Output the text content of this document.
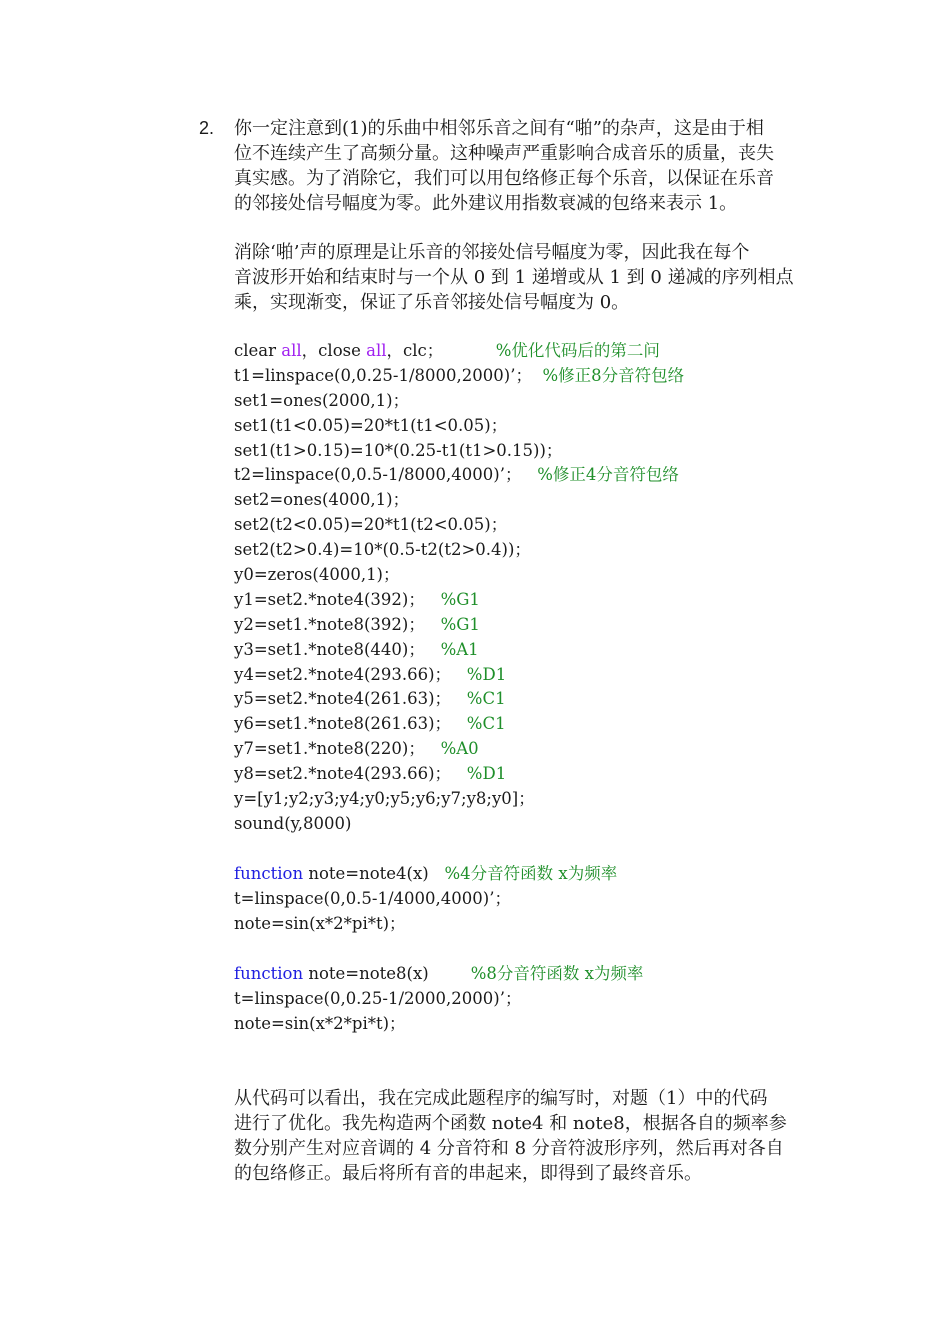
2. 你一定注意到(1)的乐曲中相邻乐音之间有“啪”的杂声，这是由于相
位不连续产生了高频分量。这种噪声严重影响合成音乐的质量，丧失
真实感。为了消除它，我们可以用包络修正每个乐音，以保证在乐音
的邻接处信号幅度为零。此外建议用指数衰减的包络来表示 1。
消除‘啪’声的原理是让乐音的邻接处信号幅度为零，因此我在每个
音波形开始和结束时与一个从 0 到 1 递增或从 1 到 0 递减的序列相点
乘，实现渐变，保证了乐音邻接处信号幅度为 0。
clear all，close all，clc；          %优化代码后的第二问
t1=linspace(0,0.25-1/8000,2000)’；  %修正8分音符包络
set1=ones(2000,1)；
set1(t1<0.05)=20*t1(t1<0.05)；
set1(t1>0.15)=10*(0.25-t1(t1>0.15))；
t2=linspace(0,0.5-1/8000,4000)’；   %修正4分音符包络
set2=ones(4000,1)；
set2(t2<0.05)=20*t1(t2<0.05)；
set2(t2>0.4)=10*(0.5-t2(t2>0.4))；
y0=zeros(4000,1)；
y1=set2.*note4(392)；   %G1
y2=set1.*note8(392)；   %G1
y3=set1.*note8(440)；   %A1
y4=set2.*note4(293.66)；   %D1
y5=set2.*note4(261.63)；   %C1
y6=set1.*note8(261.63)；   %C1
y7=set1.*note8(220)；   %A0
y8=set2.*note4(293.66)；   %D1
y=[y1;y2;y3;y4;y0;y5;y6;y7;y8;y0]；
sound(y,8000)
function note=note4(x)   %4分音符函数 x为频率
t=linspace(0,0.5-1/4000,4000)’；
note=sin(x*2*pi*t)；
function note=note8(x)        %8分音符函数 x为频率
t=linspace(0,0.25-1/2000,2000)’；
note=sin(x*2*pi*t)；
从代码可以看出，我在完成此题程序的编写时，对题（1）中的代码
进行了优化。我先构造两个函数 note4 和 note8，根据各自的频率参
数分别产生对应音调的 4 分音符和 8 分音符波形序列，然后再对各自
的包络修正。最后将所有音的串起来，即得到了最终音乐。
